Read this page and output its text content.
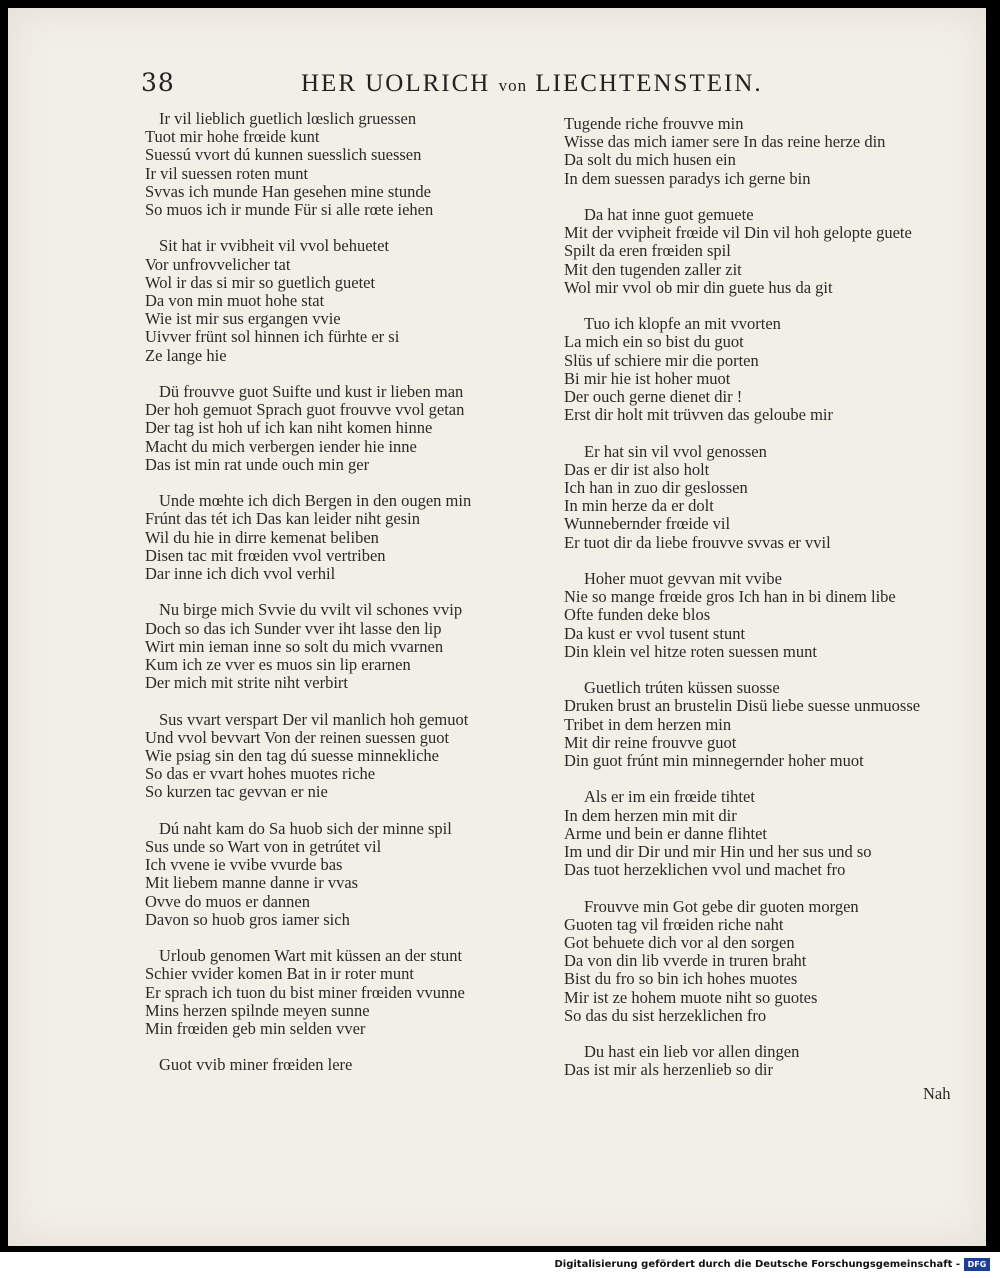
38	HER UOLRICH von LIECHTENSTEIN.
Ir vil lieblich guetlich lœslich gruessen
Tuot mir hohe frœide kunt
Suessú vvort dú kunnen suesslich suessen
Ir vil suessen roten munt
Svvas ich munde Han gesehen mine stunde
So muos ich ir munde Für si alle rœte iehen
Sit hat ir vvibheit vil vvol behuetet
Vor unfrovvelicher tat
Wol ir das si mir so guetlich guetet
Da von min muot hohe stat
Wie ist mir sus ergangen vvie
Uivver frünt sol hinnen ich fürhte er si
Ze lange hie
Dü frouvve guot Suifte und kust ir lieben man
Der hoh gemuot Sprach guot frouvve vvol getan
Der tag ist hoh uf ich kan niht komen hinne
Macht du mich verbergen iender hie inne
Das ist min rat unde ouch min ger
Unde mœhte ich dich Bergen in den ougen min
Frúnt das tét ich Das kan leider niht gesin
Wil du hie in dirre kemenat beliben
Disen tac mit frœiden vvol vertriben
Dar inne ich dich vvol verhil
Nu birge mich Svvie du vvilt vil schones vvip
Doch so das ich Sunder vver iht lasse den lip
Wirt min ieman inne so solt du mich vvarnen
Kum ich ze vver es muos sin lip erarnen
Der mich mit strite niht verbirt
Sus vvart verspart Der vil manlich hoh gemuot
Und vvol bevvart Von der reinen suessen guot
Wie psiag sin den tag dú suesse minnekliche
So das er vvart hohes muotes riche
So kurzen tac gevvan er nie
Dú naht kam do Sa huob sich der minne spil
Sus unde so Wart von in getrútet vil
Ich vvene ie vvibe vvurde bas
Mit liebem manne danne ir vvas
Ovve do muos er dannen
Davon so huob gros iamer sich
Urloub genomen Wart mit küssen an der stunt
Schier vvider komen Bat in ir roter munt
Er sprach ich tuon du bist miner frœiden vvunne
Mins herzen spilnde meyen sunne
Min frœiden geb min selden vver
Guot vvib miner frœiden lere
Tugende riche frouvve min
Wisse das mich iamer sere In das reine herze din
Da solt du mich husen ein
In dem suessen paradys ich gerne bin
Da hat inne guot gemuete
Mit der vvipheit frœide vil Din vil hoh gelopte guete
Spilt da eren frœiden spil
Mit den tugenden zaller zit
Wol mir vvol ob mir din guete hus da git
Tuo ich klopfe an mit vvorten
La mich ein so bist du guot
Slüs uf schiere mir die porten
Bi mir hie ist hoher muot
Der ouch gerne dienet dir !
Erst dir holt mit trüvven das geloube mir
Er hat sin vil vvol genossen
Das er dir ist also holt
Ich han in zuo dir geslossen
In min herze da er dolt
Wunnebernder frœide vil
Er tuot dir da liebe frouvve svvas er vvil
Hoher muot gevvan mit vvibe
Nie so mange frœide gros Ich han in bi dinem libe
Ofte funden deke blos
Da kust er vvol tusent stunt
Din klein vel hitze roten suessen munt
Guetlich trúten küssen suosse
Druken brust an brustelin Disü liebe suesse unmuosse
Tribet in dem herzen min
Mit dir reine frouvve guot
Din guot frúnt min minnegernder hoher muot
Als er im ein frœide tihtet
In dem herzen min mit dir
Arme und bein er danne flihtet
Im und dir Dir und mir Hin und her sus und so
Das tuot herzeklichen vvol und machet fro
Frouvve min Got gebe dir guoten morgen
Guoten tag vil frœiden riche naht
Got behuete dich vor al den sorgen
Da von din lib vverde in truren braht
Bist du fro so bin ich hohes muotes
Mir ist ze hohem muote niht so guotes
So das du sist herzeklichen fro
Du hast ein lieb vor allen dingen
Das ist mir als herzenlieb so dir
Nah
Digitalisierung gefördert durch die Deutsche Forschungsgemeinschaft - DFG
